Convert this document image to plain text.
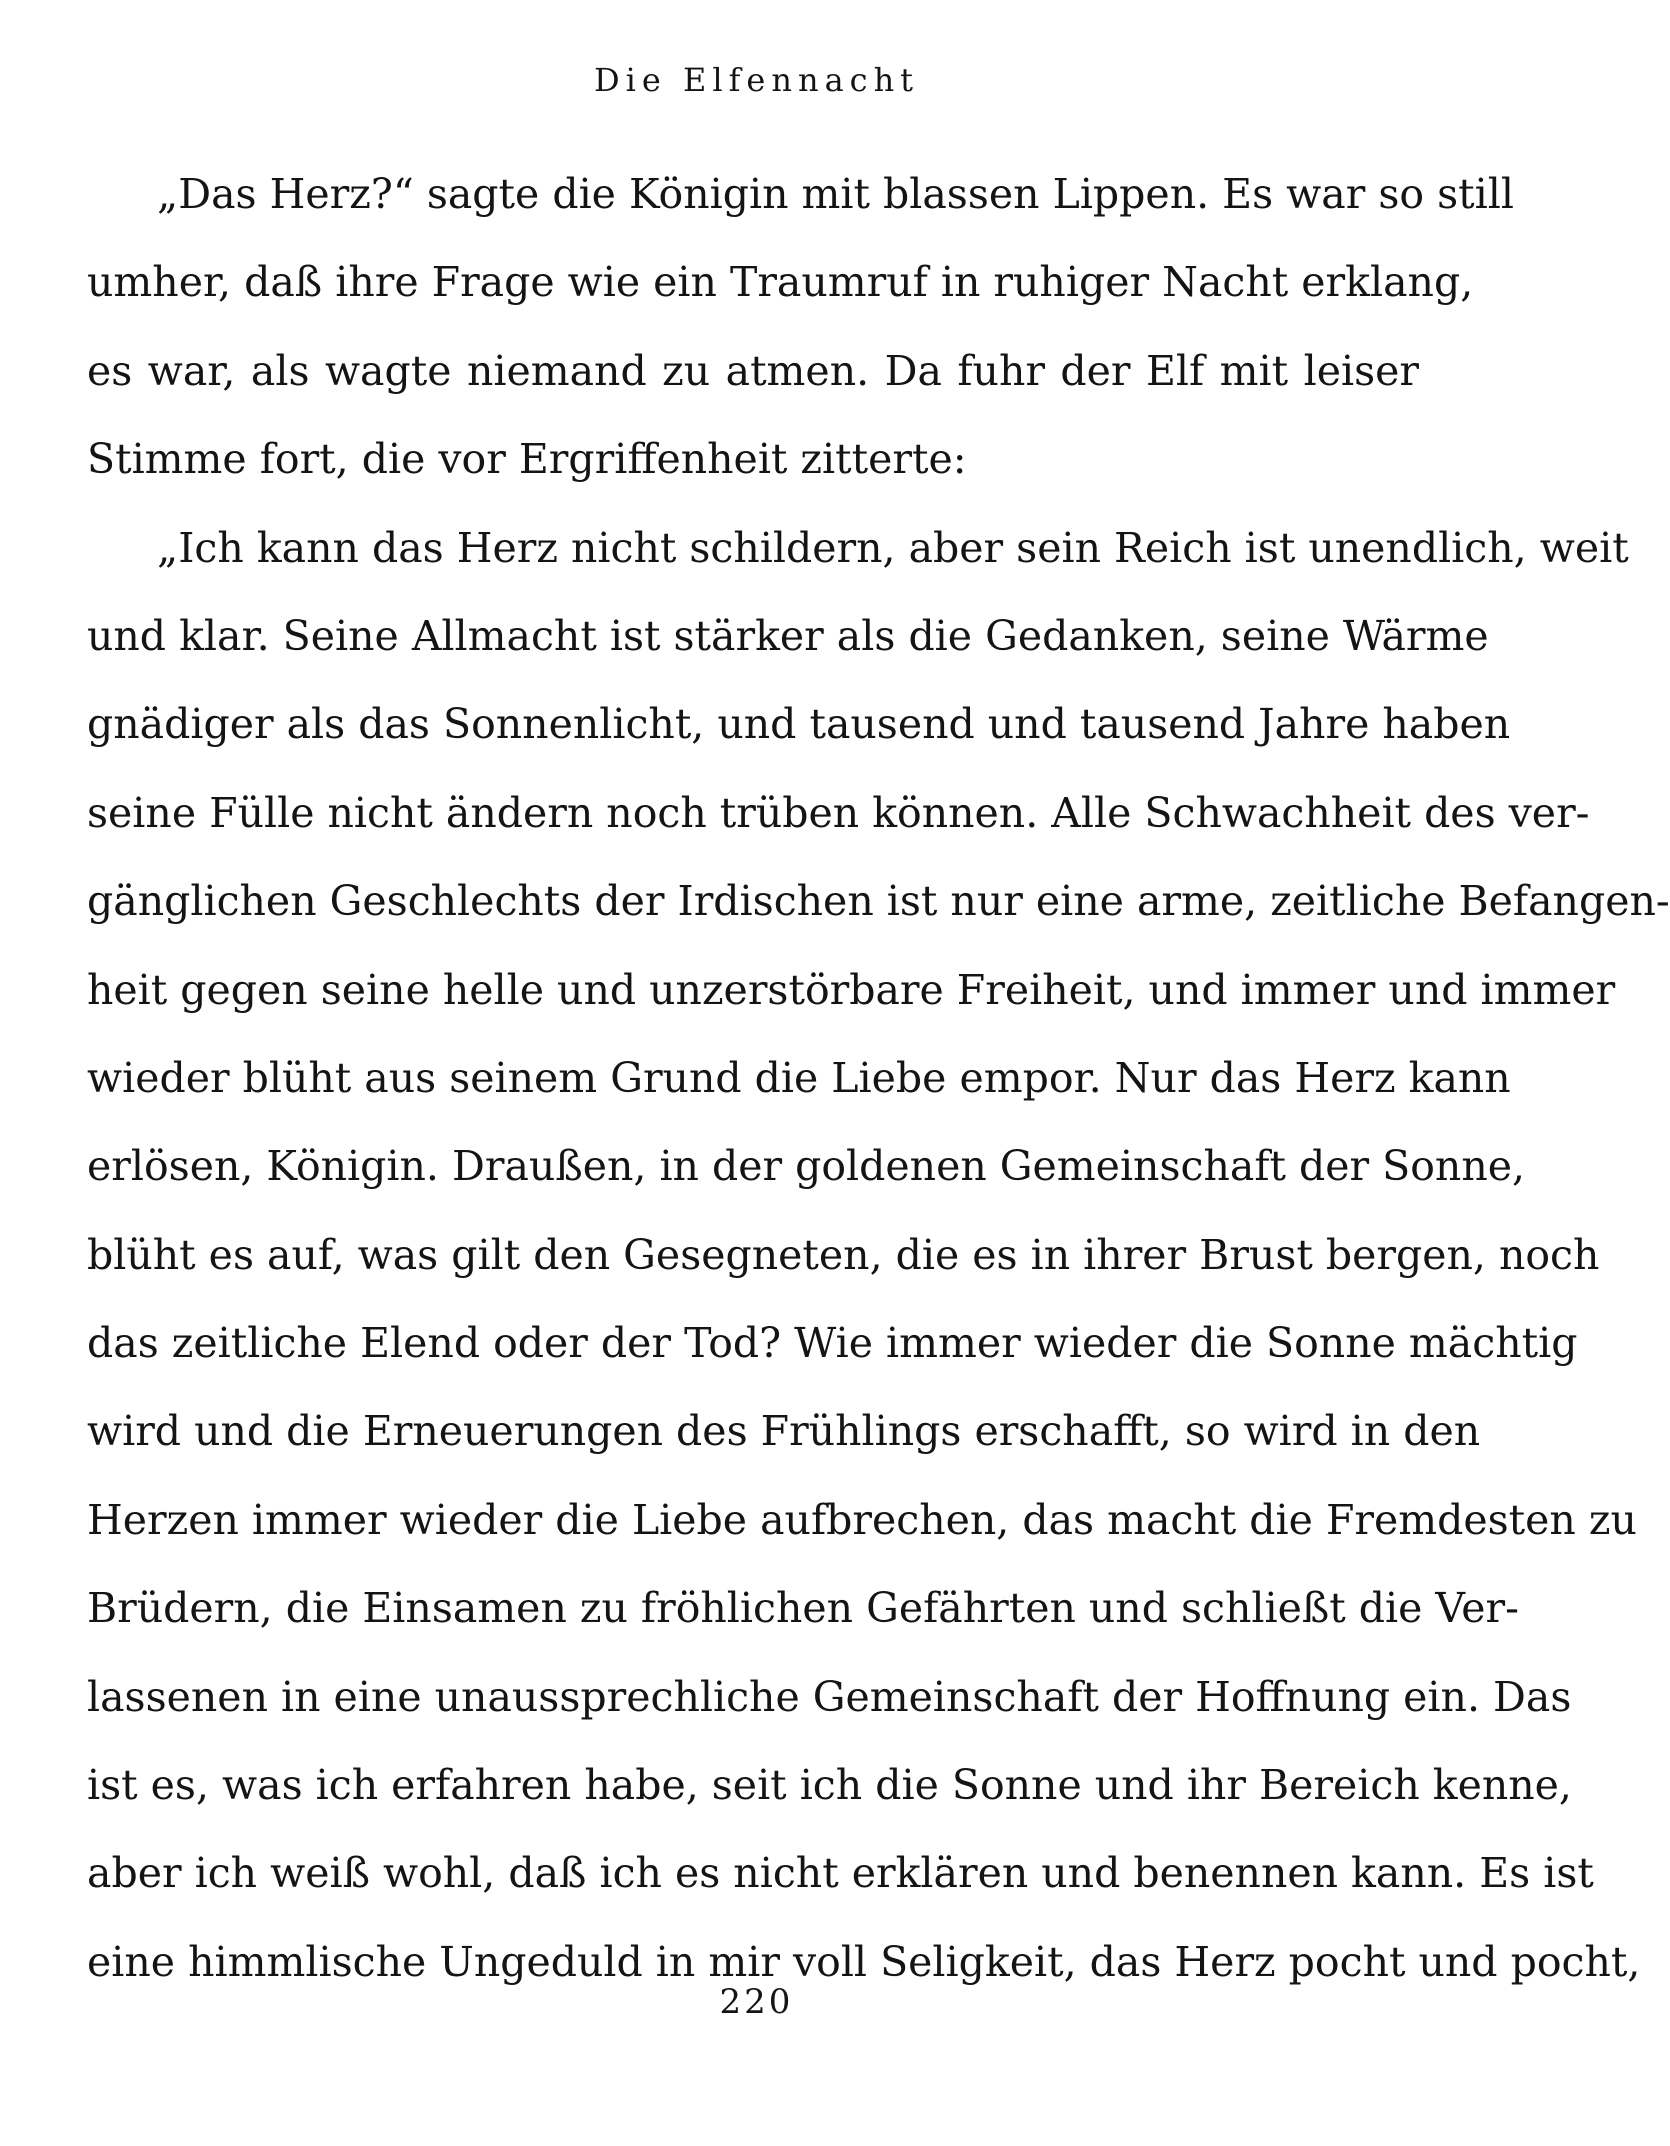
Die Elfennacht
„Das Herz?“ sagte die Königin mit blassen Lippen. Es war so still
umher, daß ihre Frage wie ein Traumruf in ruhiger Nacht erklang,
es war, als wagte niemand zu atmen. Da fuhr der Elf mit leiser
Stimme fort, die vor Ergriffenheit zitterte:
„Ich kann das Herz nicht schildern, aber sein Reich ist unendlich, weit
und klar. Seine Allmacht ist stärker als die Gedanken, seine Wärme
gnädiger als das Sonnenlicht, und tausend und tausend Jahre haben
seine Fülle nicht ändern noch trüben können. Alle Schwachheit des ver-
gänglichen Geschlechts der Irdischen ist nur eine arme, zeitliche Befangen-
heit gegen seine helle und unzerstörbare Freiheit, und immer und immer
wieder blüht aus seinem Grund die Liebe empor. Nur das Herz kann
erlösen, Königin. Draußen, in der goldenen Gemeinschaft der Sonne,
blüht es auf, was gilt den Gesegneten, die es in ihrer Brust bergen, noch
das zeitliche Elend oder der Tod? Wie immer wieder die Sonne mächtig
wird und die Erneuerungen des Frühlings erschafft, so wird in den
Herzen immer wieder die Liebe aufbrechen, das macht die Fremdesten zu
Brüdern, die Einsamen zu fröhlichen Gefährten und schließt die Ver-
lassenen in eine unaussprechliche Gemeinschaft der Hoffnung ein. Das
ist es, was ich erfahren habe, seit ich die Sonne und ihr Bereich kenne,
aber ich weiß wohl, daß ich es nicht erklären und benennen kann. Es ist
eine himmlische Ungeduld in mir voll Seligkeit, das Herz pocht und pocht,
220
